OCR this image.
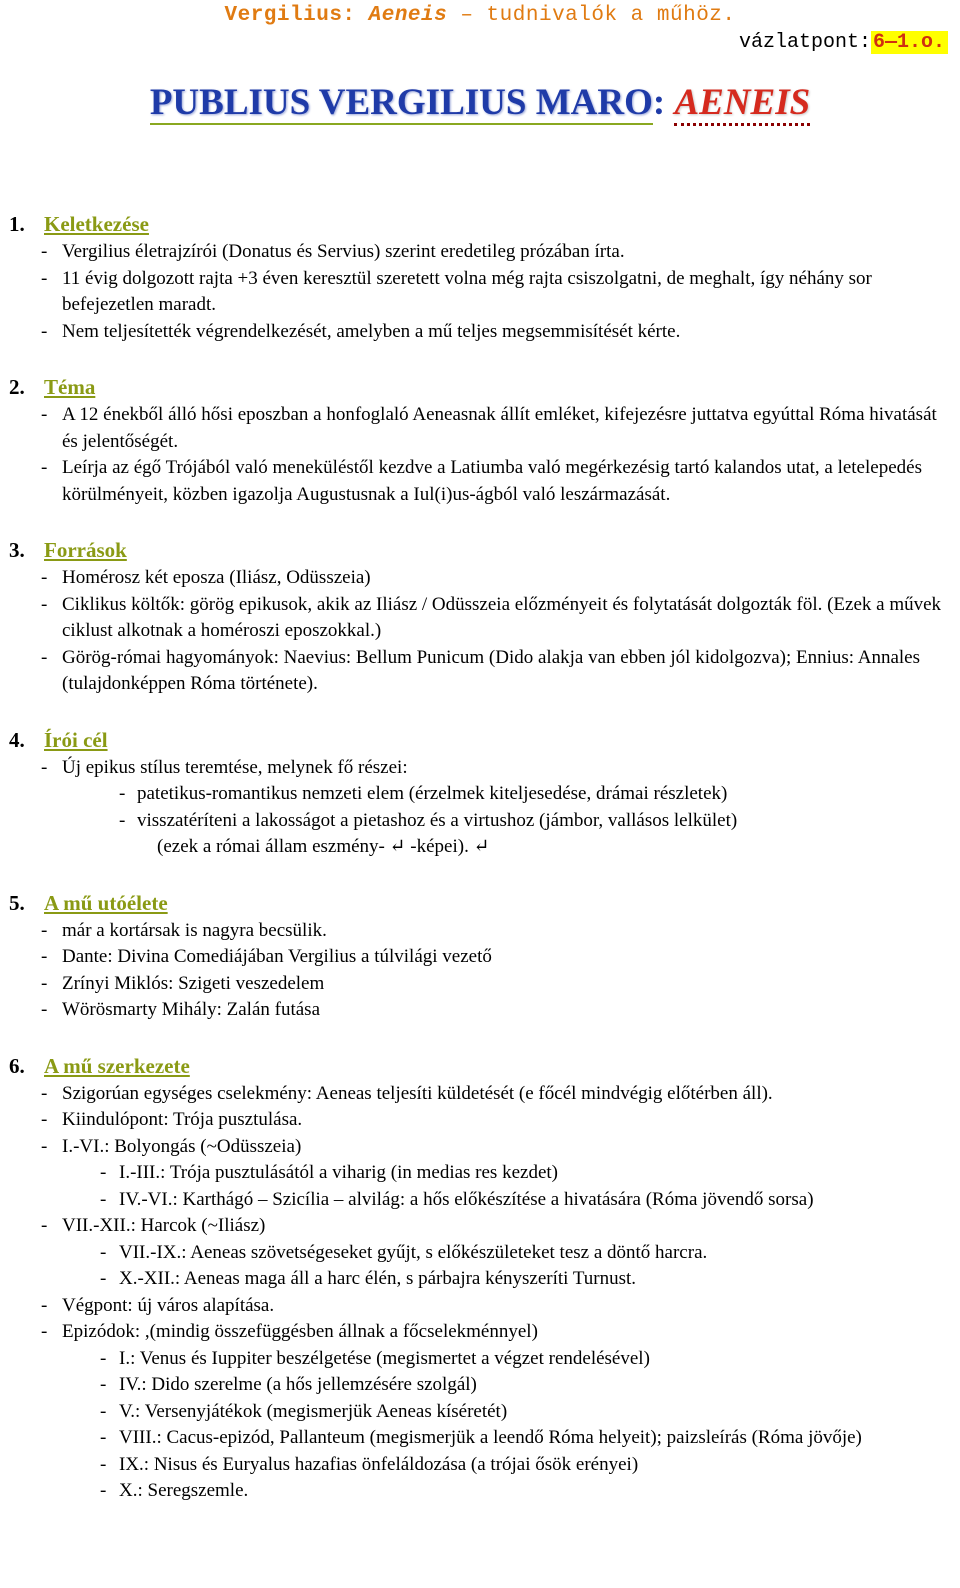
Vergilius: Aeneis – tudnivalók a műhöz.
vázlatpont: 6—1.o.
PUBLIUS VERGILIUS MARO: AENEIS
1. Keletkezése
- Vergilius életrajzírói (Donatus és Servius) szerint eredetileg prózában írta.
- 11 évig dolgozott rajta +3 éven keresztül szeretett volna még rajta csiszolgatni, de meghalt, így néhány sor befejezetlen maradt.
- Nem teljesítették végrendelkezését, amelyben a mű teljes megsemmisítését kérte.
2. Téma
- A 12 énekből álló hősi eposzban a honfoglaló Aeneasnak állít emléket, kifejezésre juttatva egyúttal Róma hivatását és jelentőségét.
- Leírja az égő Trójából való meneküléstől kezdve a Latiumba való megérkezésig tartó kalandos utat, a letelepedés körülményeit, közben igazolja Augustusnak a Iul(i)us-ágból való leszármazását.
3. Források
- Homérosz két eposza (Iliász, Odüsszeia)
- Ciklikus költők: görög epikusok, akik az Iliász / Odüsszeia előzményeit és folytatását dolgozták föl. (Ezek a művek ciklust alkotnak a homéroszi eposzokkal.)
- Görög-római hagyományok: Naevius: Bellum Punicum (Dido alakja van ebben jól kidolgozva); Ennius: Annales (tulajdonképpen Róma története).
4. Írói cél
- Új epikus stílus teremtése, melynek fő részei:
- patetikus-romantikus nemzeti elem (érzelmek kiteljesedése, drámai részletek)
- visszatéríteni a lakosságot a pietashoz és a virtushoz (jámbor, vallásos lelkület)
(ezek a római állam eszmény- ↵ -képei). ↵
5. A mű utóélete
- már a kortársak is nagyra becsülik.
- Dante: Divina Comediájában Vergilius a túlvilági vezető
- Zrínyi Miklós: Szigeti veszedelem
- Wörösmarty Mihály: Zalán futása
6. A mű szerkezete
- Szigorúan egységes cselekmény: Aeneas teljesíti küldetését (e főcél mindvégig előtérben áll).
- Kiindulópont: Trója pusztulása.
- I.-VI.: Bolyongás (~Odüsszeia)
- I.-III.: Trója pusztulásától a viharig (in medias res kezdet)
- IV.-VI.: Karthágó – Szicília – alvilág: a hős előkészítése a hivatására (Róma jövendő sorsa)
- VII.-XII.: Harcok (~Iliász)
- VII.-IX.: Aeneas szövetségeseket gyűjt, s előkészületeket tesz a döntő harcra.
- X.-XII.: Aeneas maga áll a harc élén, s párbajra kényszeríti Turnust.
- Végpont: új város alapítása.
- Epizódok: ,(mindig összefüggésben állnak a főcselekménnyel)
- I.: Venus és Iuppiter beszélgetése (megismertet a végzet rendelésével)
- IV.: Dido szerelme (a hős jellemzésére szolgál)
- V.: Versenyjátékok (megismerjük Aeneas kíséretét)
- VIII.: Cacus-epizód, Pallanteum (megismerjük a leendő Róma helyeit); paizsleírás (Róma jövője)
- IX.: Nisus és Euryalus hazafias önfeláldozása (a trójai ősök erényei)
- X.: Seregszemle.
